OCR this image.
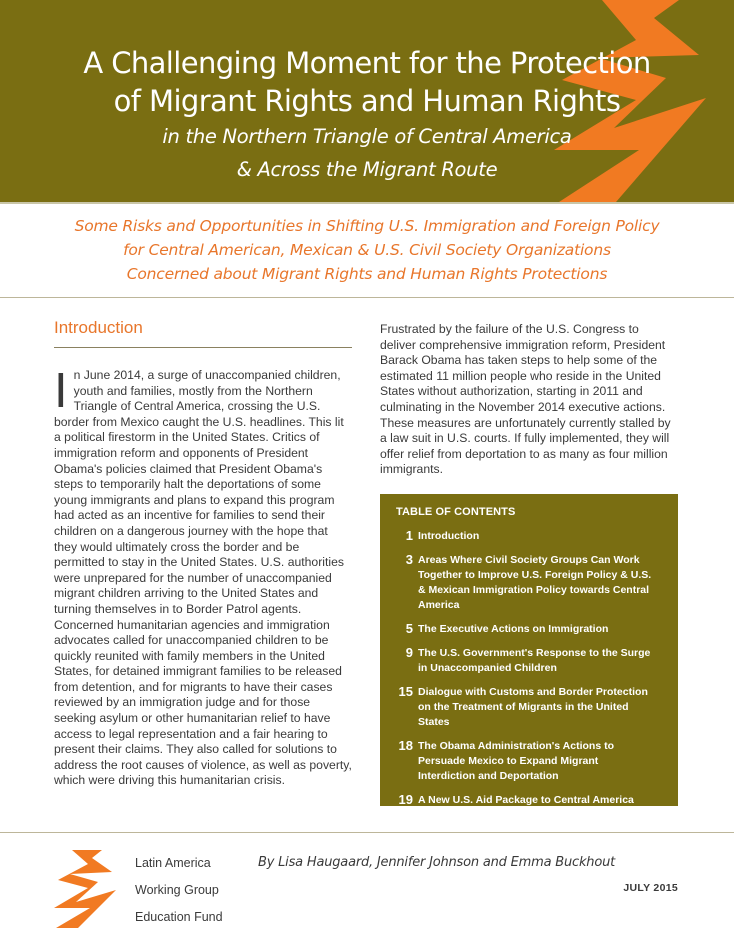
A Challenging Moment for the Protection
of Migrant Rights and Human Rights
in the Northern Triangle of Central America
& Across the Migrant Route
Some Risks and Opportunities in Shifting U.S. Immigration and Foreign Policy
for Central American, Mexican & U.S. Civil Society Organizations
Concerned about Migrant Rights and Human Rights Protections
Introduction
In June 2014, a surge of unaccompanied children, youth and families, mostly from the Northern Triangle of Central America, crossing the U.S. border from Mexico caught the U.S. headlines. This lit a political firestorm in the United States. Critics of immigration reform and opponents of President Obama's policies claimed that President Obama's steps to temporarily halt the deportations of some young immigrants and plans to expand this program had acted as an incentive for families to send their children on a dangerous journey with the hope that they would ultimately cross the border and be permitted to stay in the United States. U.S. authorities were unprepared for the number of unaccompanied migrant children arriving to the United States and turning themselves in to Border Patrol agents. Concerned humanitarian agencies and immigration advocates called for unaccompanied children to be quickly reunited with family members in the United States, for detained immigrant families to be released from detention, and for migrants to have their cases reviewed by an immigration judge and for those seeking asylum or other humanitarian relief to have access to legal representation and a fair hearing to present their claims. They also called for solutions to address the root causes of violence, as well as poverty, which were driving this humanitarian crisis.
Frustrated by the failure of the U.S. Congress to deliver comprehensive immigration reform, President Barack Obama has taken steps to help some of the estimated 11 million people who reside in the United States without authorization, starting in 2011 and culminating in the November 2014 executive actions. These measures are unfortunately currently stalled by a law suit in U.S. courts. If fully implemented, they will offer relief from deportation to as many as four million immigrants.
TABLE OF CONTENTS
1 Introduction
3 Areas Where Civil Society Groups Can Work Together to Improve U.S. Foreign Policy & U.S. & Mexican Immigration Policy towards Central America
5 The Executive Actions on Immigration
9 The U.S. Government's Response to the Surge in Unaccompanied Children
15 Dialogue with Customs and Border Protection on the Treatment of Migrants in the United States
18 The Obama Administration's Actions to Persuade Mexico to Expand Migrant Interdiction and Deportation
19 A New U.S. Aid Package to Central America
Latin America
Working Group
Education Fund
By Lisa Haugaard, Jennifer Johnson and Emma Buckhout
JULY 2015
